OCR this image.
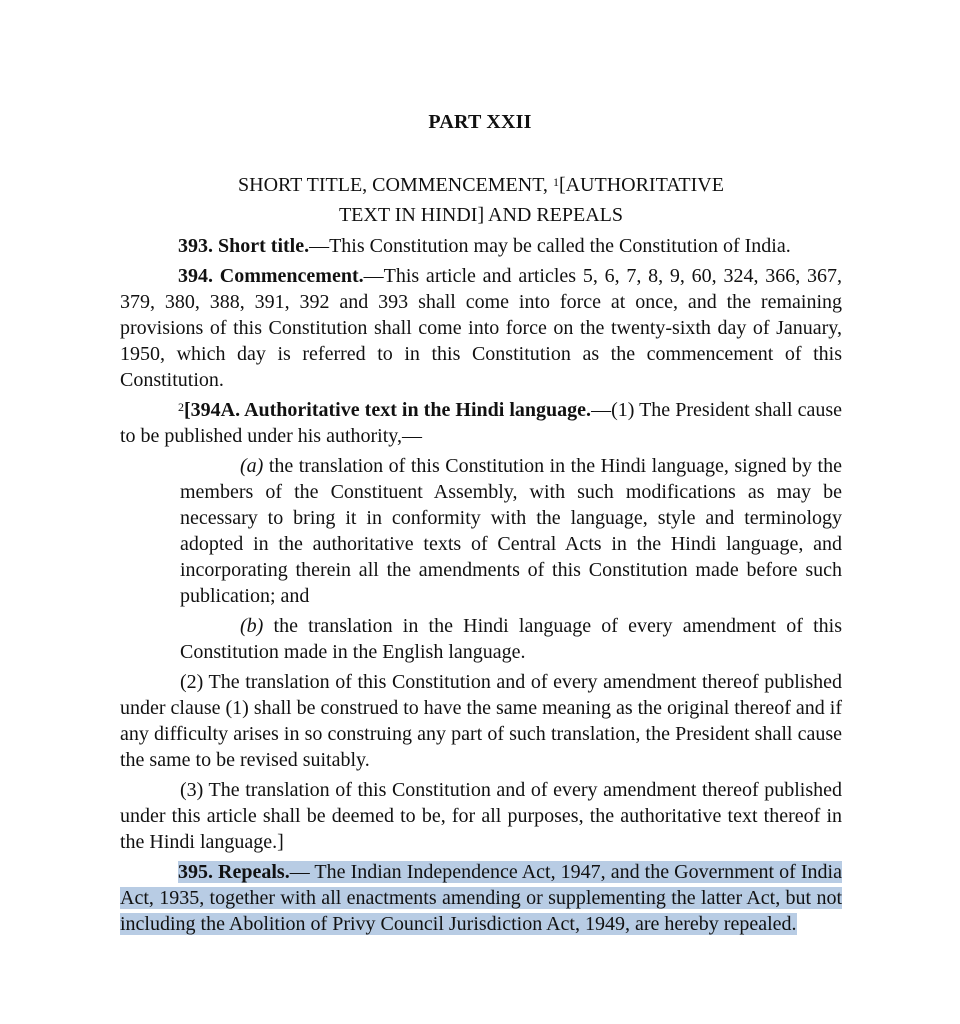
PART XXII
SHORT TITLE, COMMENCEMENT, $^1$[AUTHORITATIVE
TEXT IN HINDI] AND REPEALS

393. Short title.—This Constitution may be called the Constitution of India.

394. Commencement.—This article and articles 5, 6, 7, 8, 9, 60, 324, 366, 367, 379, 380, 388, 391, 392 and 393 shall come into force at once, and the remaining provisions of this Constitution shall come into force on the twenty-sixth day of January, 1950, which day is referred to in this Constitution as the commencement of this Constitution.

$^2$[394A. Authoritative text in the Hindi language.—(1) The President shall cause to be published under his authority,—

(a) the translation of this Constitution in the Hindi language, signed by the members of the Constituent Assembly, with such modifications as may be necessary to bring it in conformity with the language, style and terminology adopted in the authoritative texts of Central Acts in the Hindi language, and incorporating therein all the amendments of this Constitution made before such publication; and

(b) the translation in the Hindi language of every amendment of this Constitution made in the English language.

(2) The translation of this Constitution and of every amendment thereof published under clause (1) shall be construed to have the same meaning as the original thereof and if any difficulty arises in so construing any part of such translation, the President shall cause the same to be revised suitably.

(3) The translation of this Constitution and of every amendment thereof published under this article shall be deemed to be, for all purposes, the authoritative text thereof in the Hindi language.]

395. Repeals.— The Indian Independence Act, 1947, and the Government of India Act, 1935, together with all enactments amending or supplementing the latter Act, but not including the Abolition of Privy Council Jurisdiction Act, 1949, are hereby repealed.
